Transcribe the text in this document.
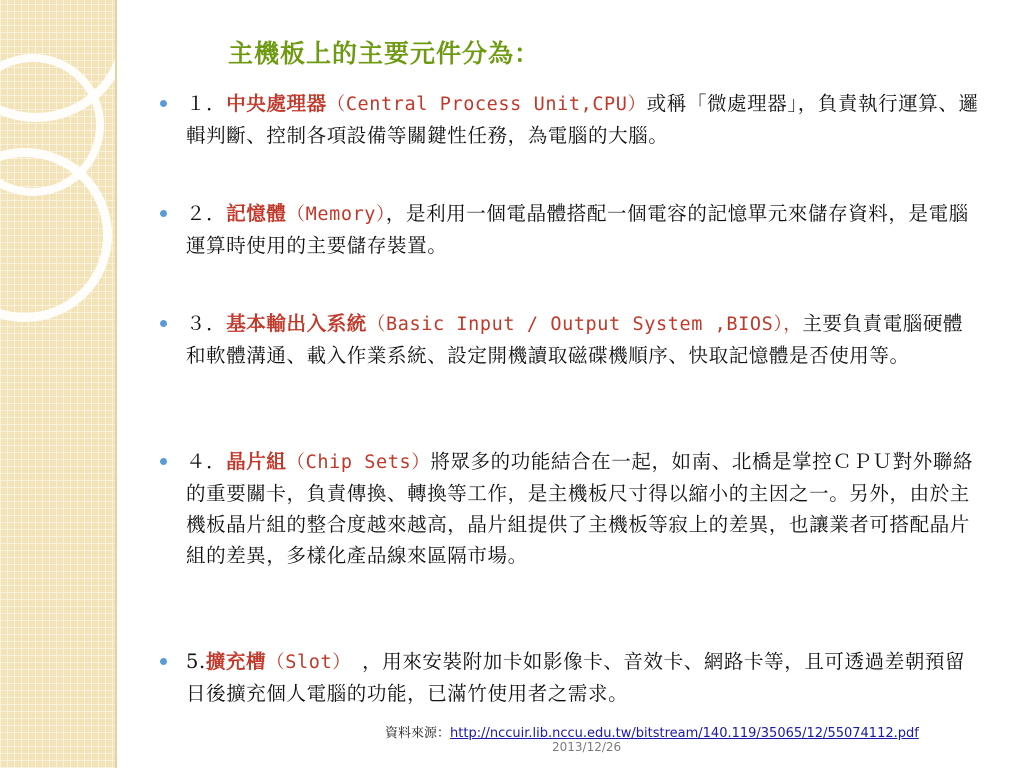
主機板上的主要元件分為：
１．中央處理器（Central Process Unit,CPU）或稱「微處理器」，負責執行運算、邏輯判斷、控制各項設備等關鍵性任務，為電腦的大腦。
２．記憶體（Memory），是利用一個電晶體搭配一個電容的記憶單元來儲存資料，是電腦運算時使用的主要儲存裝置。
３．基本輸出入系統（Basic Input / Output System ,BIOS），主要負責電腦硬體和軟體溝通、載入作業系統、設定開機讀取磁碟機順序、快取記憶體是否使用等。
４．晶片組（Chip Sets）將眾多的功能結合在一起，如南、北橋是掌控ＣＰＵ對外聯絡的重要關卡，負責傳換、轉換等工作，是主機板尺寸得以縮小的主因之一。另外，由於主機板晶片組的整合度越來越高，晶片組提供了主機板等寂上的差異，也讓業者可搭配晶片組的差異，多樣化產品線來區隔市場。
5.擴充槽（Slot）　，用來安裝附加卡如影像卡、音效卡、網路卡等，且可透過差朝預留日後擴充個人電腦的功能，已滿竹使用者之需求。
資料來源：http://nccuir.lib.nccu.edu.tw/bitstream/140.119/35065/12/55074112.pdf
2013/12/26
